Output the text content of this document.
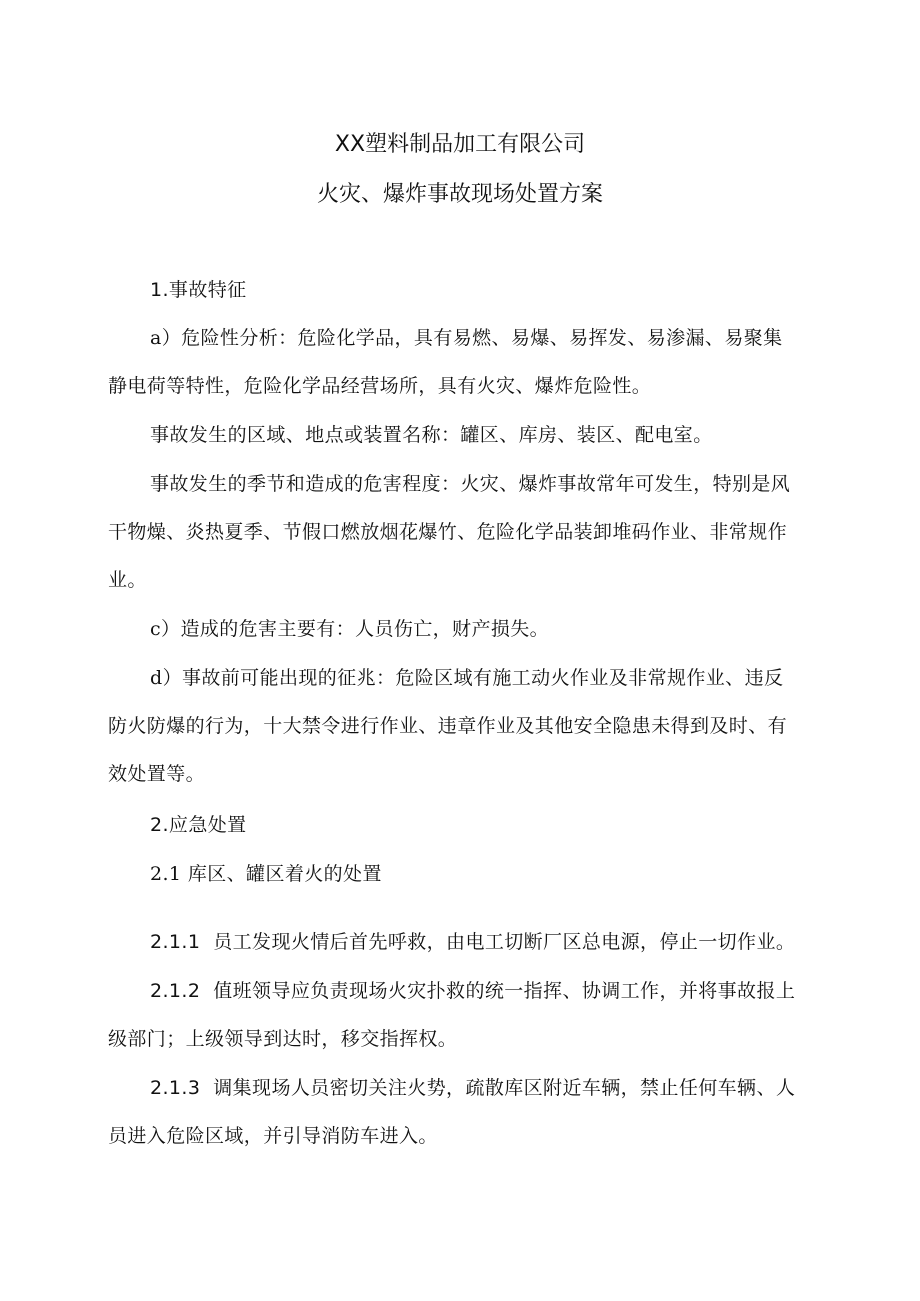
XX塑料制品加工有限公司
火灾、爆炸事故现场处置方案
1.事故特征
a）危险性分析：危险化学品，具有易燃、易爆、易挥发、易渗漏、易聚集
静电荷等特性，危险化学品经营场所，具有火灾、爆炸危险性。
事故发生的区域、地点或装置名称：罐区、库房、装区、配电室。
事故发生的季节和造成的危害程度：火灾、爆炸事故常年可发生，特别是风
干物燥、炎热夏季、节假口燃放烟花爆竹、危险化学品装卸堆码作业、非常规作
业。
c）造成的危害主要有：人员伤亡，财产损失。
d）事故前可能出现的征兆：危险区域有施工动火作业及非常规作业、违反
防火防爆的行为，十大禁令进行作业、违章作业及其他安全隐患未得到及时、有
效处置等。
2.应急处置
2.1 库区、罐区着火的处置
2.1.1 员工发现火情后首先呼救，由电工切断厂区总电源，停止一切作业。
2.1.2 值班领导应负责现场火灾扑救的统一指挥、协调工作，并将事故报上
级部门；上级领导到达时，移交指挥权。
2.1.3 调集现场人员密切关注火势，疏散库区附近车辆，禁止任何车辆、人
员进入危险区域，并引导消防车进入。
